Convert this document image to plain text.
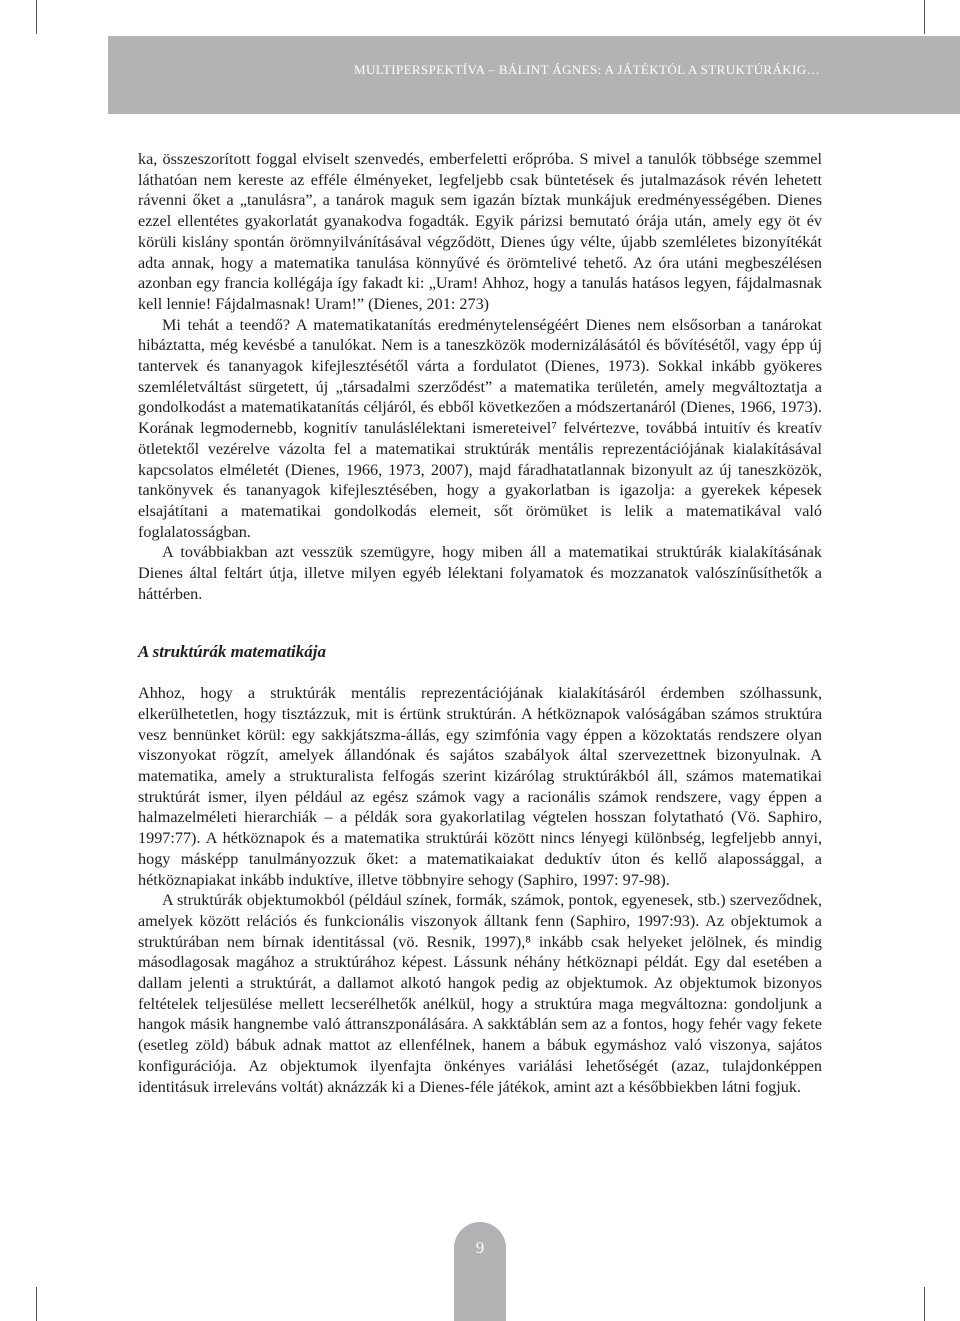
MULTIPERSPEKTÍVA – BÁLINT ÁGNES: A JÁTÉKTÓL A STRUKTÚRÁKIG…

ka, összeszorított foggal elviselt szenvedés, emberfeletti erőpróba. S mivel a tanulók többsége szemmel láthatóan nem kereste az efféle élményeket, legfeljebb csak büntetések és jutalmazások révén lehetett rávenni őket a „tanulásra”, a tanárok maguk sem igazán bíztak munkájuk eredményességében. Dienes ezzel ellentétes gyakorlatát gyanakodva fogadták. Egyik párizsi bemutató órája után, amely egy öt év körüli kislány spontán örömnyilvánításával végződött, Dienes úgy vélte, újabb szemléletes bizonyítékát adta annak, hogy a matematika tanulása könnyűvé és örömtelivé tehető. Az óra utáni megbeszélésen azonban egy francia kollégája így fakadt ki: „Uram! Ahhoz, hogy a tanulás hatásos legyen, fájdalmasnak kell lennie! Fájdalmasnak! Uram!” (Dienes, 201: 273)

Mi tehát a teendő? A matematikatanítás eredménytelenségéért Dienes nem elsősorban a tanárokat hibáztatta, még kevésbé a tanulókat. Nem is a taneszközök modernizálásától és bővítésétől, vagy épp új tantervek és tananyagok kifejlesztésétől várta a fordulatot (Dienes, 1973). Sokkal inkább gyökeres szemléletváltást sürgetett, új „társadalmi szerződést” a matematika területén, amely megváltoztatja a gondolkodást a matematikatanítás céljáról, és ebből következően a módszertanáról (Dienes, 1966, 1973). Korának legmodernebb, kognitív tanuláslélektani ismereteivel⁷ felvértezve, továbbá intuitív és kreatív ötletektől vezérelve vázolta fel a matematikai struktúrák mentális reprezentációjának kialakításával kapcsolatos elméletét (Dienes, 1966, 1973, 2007), majd fáradhatatlannak bizonyult az új taneszközök, tankönyvek és tananyagok kifejlesztésében, hogy a gyakorlatban is igazolja: a gyerekek képesek elsajátítani a matematikai gondolkodás elemeit, sőt örömüket is lelik a matematikával való foglalatosságban.

A továbbiakban azt vesszük szemügyre, hogy miben áll a matematikai struktúrák kialakításának Dienes által feltárt útja, illetve milyen egyéb lélektani folyamatok és mozzanatok valószínűsíthetők a háttérben.

A struktúrák matematikája

Ahhoz, hogy a struktúrák mentális reprezentációjának kialakításáról érdemben szólhassunk, elkerülhetetlen, hogy tisztázzuk, mit is értünk struktúrán. A hétköznapok valóságában számos struktúra vesz bennünket körül: egy sakkjátszma-állás, egy szimfónia vagy éppen a közoktatás rendszere olyan viszonyokat rögzít, amelyek állandónak és sajátos szabályok által szervezettnek bizonyulnak. A matematika, amely a strukturalista felfogás szerint kizárólag struktúrákból áll, számos matematikai struktúrát ismer, ilyen például az egész számok vagy a racionális számok rendszere, vagy éppen a halmazelméleti hierarchiák – a példák sora gyakorlatilag végtelen hosszan folytatható (Vö. Saphiro, 1997:77). A hétköznapok és a matematika struktúrái között nincs lényegi különbség, legfeljebb annyi, hogy másképp tanulmányozzuk őket: a matematikaiakat deduktív úton és kellő alapossággal, a hétköznapiakat inkább induktíve, illetve többnyire sehogy (Saphiro, 1997: 97-98).

A struktúrák objektumokból (például színek, formák, számok, pontok, egyenesek, stb.) szerveződnek, amelyek között relációs és funkcionális viszonyok álltank fenn (Saphiro, 1997:93). Az objektumok a struktúrában nem bírnak identitással (vö. Resnik, 1997),⁸ inkább csak helyeket jelölnek, és mindig másodlagosak magához a struktúrához képest. Lássunk néhány hétköznapi példát. Egy dal esetében a dallam jelenti a struktúrát, a dallamot alkotó hangok pedig az objektumok. Az objektumok bizonyos feltételek teljesülése mellett lecserélhetők anélkül, hogy a struktúra maga megváltozna: gondoljunk a hangok másik hangnembe való áttranszponálására. A sakktáblán sem az a fontos, hogy fehér vagy fekete (esetleg zöld) bábuk adnak mattot az ellenfélnek, hanem a bábuk egymáshoz való viszonya, sajátos konfigurációja. Az objektumok ilyenfajta önkényes variálási lehetőségét (azaz, tulajdonképpen identitásuk irreleváns voltát) aknázzák ki a Dienes-féle játékok, amint azt a későbbiekben látni fogjuk.

9
